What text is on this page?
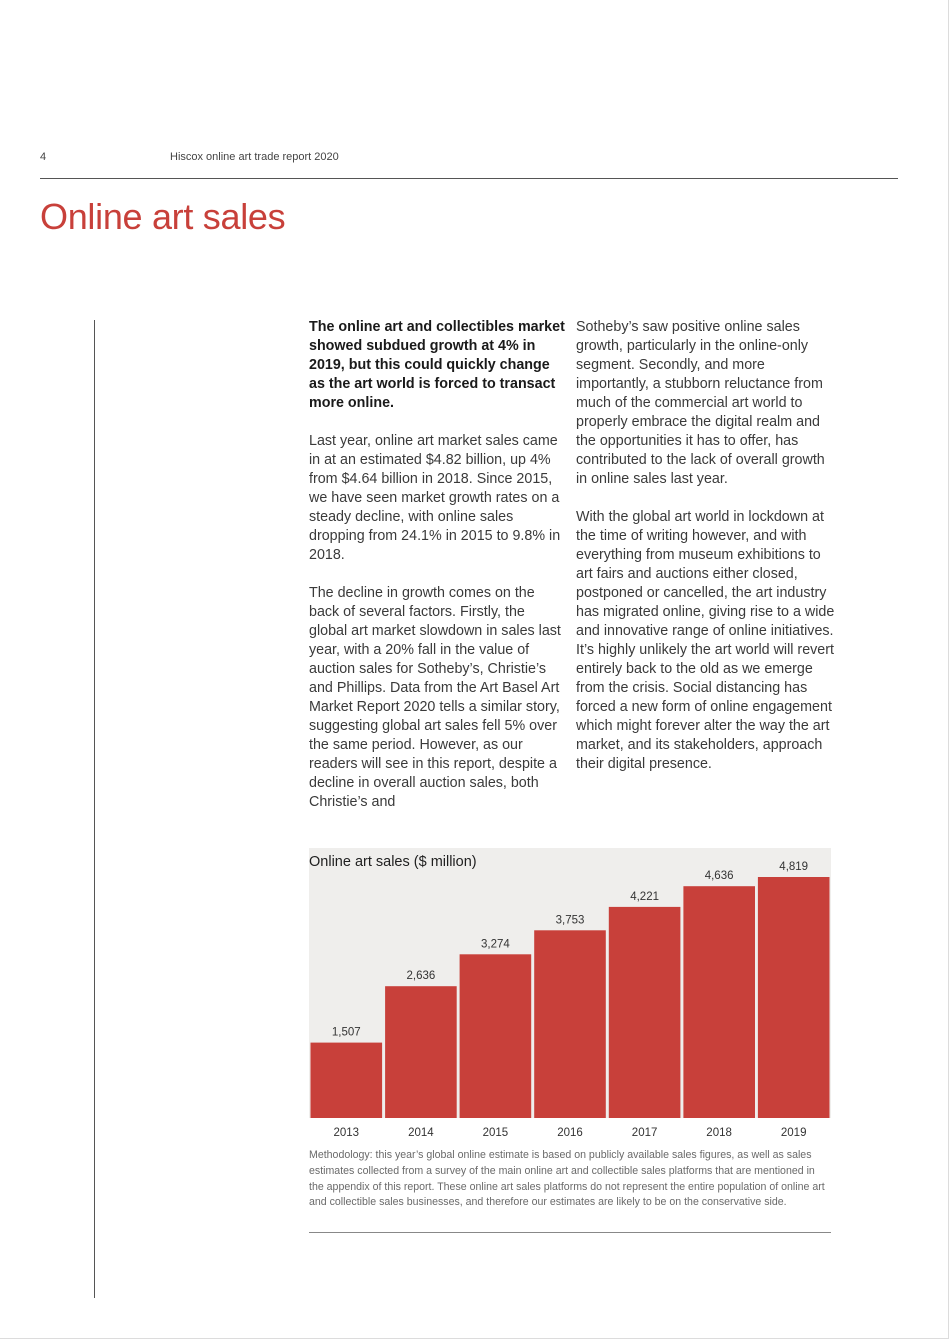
4	Hiscox online art trade report 2020
Online art sales

The online art and collectibles market showed subdued growth at 4% in 2019, but this could quickly change as the art world is forced to transact more online.

Last year, online art market sales came in at an estimated $4.82 billion, up 4% from $4.64 billion in 2018. Since 2015, we have seen market growth rates on a steady decline, with online sales dropping from 24.1% in 2015 to 9.8% in 2018.

The decline in growth comes on the back of several factors. Firstly, the global art market slowdown in sales last year, with a 20% fall in the value of auction sales for Sotheby’s, Christie’s and Phillips. Data from the Art Basel Art Market Report 2020 tells a similar story, suggesting global art sales fell 5% over the same period. However, as our readers will see in this report, despite a decline in overall auction sales, both Christie’s and

Sotheby’s saw positive online sales growth, particularly in the online-only segment. Secondly, and more importantly, a stubborn reluctance from much of the commercial art world to properly embrace the digital realm and the opportunities it has to offer, has contributed to the lack of overall growth in online sales last year.

With the global art world in lockdown at the time of writing however, and with everything from museum exhibitions to art fairs and auctions either closed, postponed or cancelled, the art industry has migrated online, giving rise to a wide and innovative range of online initiatives. It’s highly unlikely the art world will revert entirely back to the old as we emerge from the crisis. Social distancing has forced a new form of online engagement which might forever alter the way the art market, and its stakeholders, approach their digital presence.

Online art sales ($ million)
1,507
2013
2,636
2014
3,274
2015
3,753
2016
4,221
2017
4,636
2018
4,819
2019
Methodology: this year’s global online estimate is based on publicly available sales figures, as well as sales estimates collected from a survey of the main online art and collectible sales platforms that are mentioned in the appendix of this report. These online art sales platforms do not represent the entire population of online art and collectible sales businesses, and therefore our estimates are likely to be on the conservative side.
